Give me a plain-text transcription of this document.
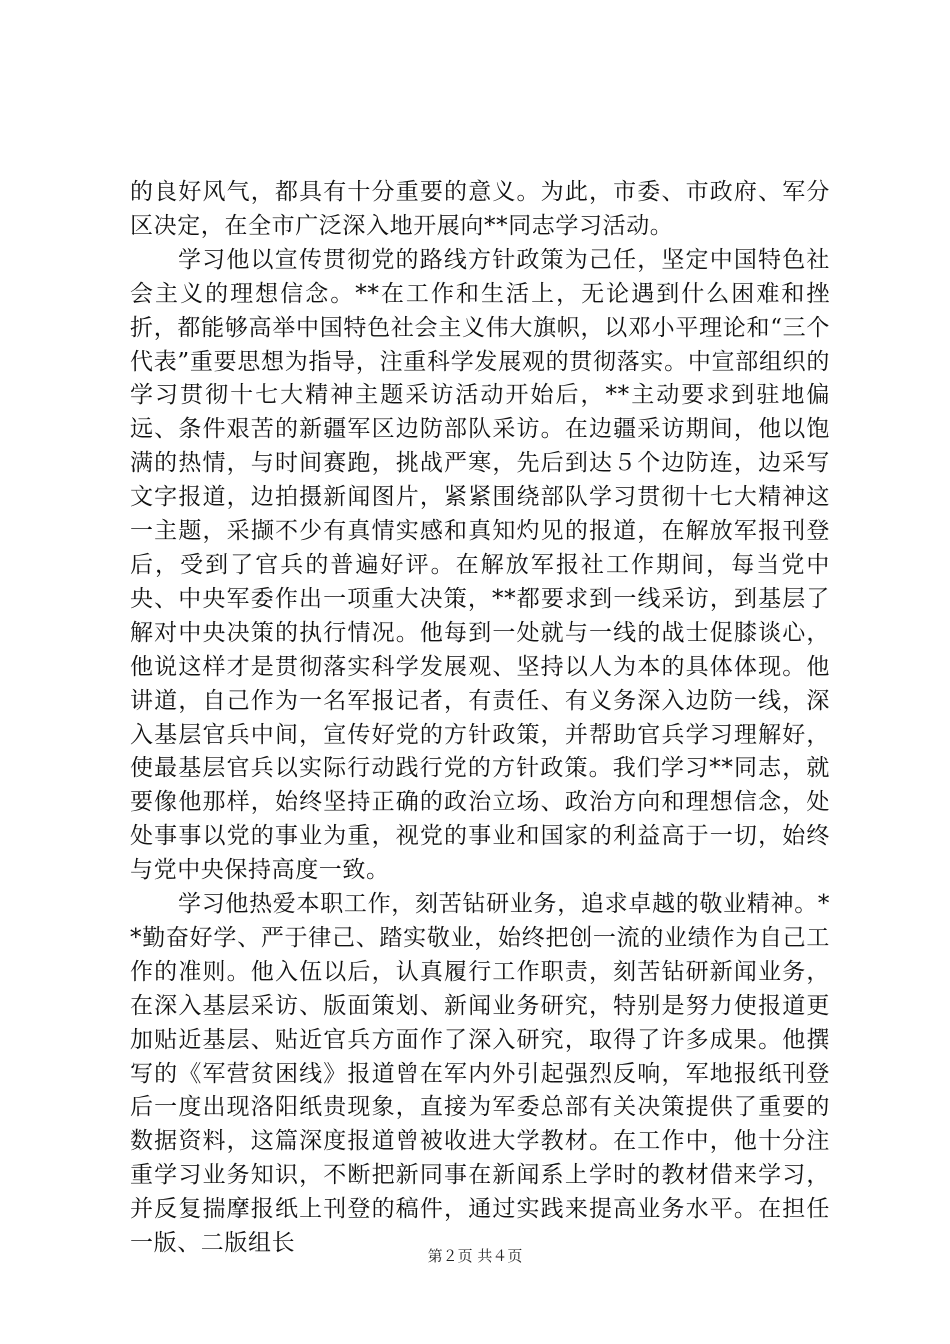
的良好风气，都具有十分重要的意义。为此，市委、市政府、军分区决定，在全市广泛深入地开展向**同志学习活动。

学习他以宣传贯彻党的路线方针政策为己任，坚定中国特色社会主义的理想信念。**在工作和生活上，无论遇到什么困难和挫折，都能够高举中国特色社会主义伟大旗帜，以邓小平理论和“三个代表”重要思想为指导，注重科学发展观的贯彻落实。中宣部组织的学习贯彻十七大精神主题采访活动开始后，**主动要求到驻地偏远、条件艰苦的新疆军区边防部队采访。在边疆采访期间，他以饱满的热情，与时间赛跑，挑战严寒，先后到达５个边防连，边采写文字报道，边拍摄新闻图片，紧紧围绕部队学习贯彻十七大精神这一主题，采撷不少有真情实感和真知灼见的报道，在解放军报刊登后，受到了官兵的普遍好评。在解放军报社工作期间，每当党中央、中央军委作出一项重大决策，**都要求到一线采访，到基层了解对中央决策的执行情况。他每到一处就与一线的战士促膝谈心，他说这样才是贯彻落实科学发展观、坚持以人为本的具体体现。他讲道，自己作为一名军报记者，有责任、有义务深入边防一线，深入基层官兵中间，宣传好党的方针政策，并帮助官兵学习理解好，使最基层官兵以实际行动践行党的方针政策。我们学习**同志，就要像他那样，始终坚持正确的政治立场、政治方向和理想信念，处处事事以党的事业为重，视党的事业和国家的利益高于一切，始终与党中央保持高度一致。

学习他热爱本职工作，刻苦钻研业务，追求卓越的敬业精神。**勤奋好学、严于律己、踏实敬业，始终把创一流的业绩作为自己工作的准则。他入伍以后，认真履行工作职责，刻苦钻研新闻业务，在深入基层采访、版面策划、新闻业务研究，特别是努力使报道更加贴近基层、贴近官兵方面作了深入研究，取得了许多成果。他撰写的《军营贫困线》报道曾在军内外引起强烈反响，军地报纸刊登后一度出现洛阳纸贵现象，直接为军委总部有关决策提供了重要的数据资料，这篇深度报道曾被收进大学教材。在工作中，他十分注重学习业务知识，不断把新同事在新闻系上学时的教材借来学习，并反复揣摩报纸上刊登的稿件，通过实践来提高业务水平。在担任一版、二版组长	第２页 共４页
